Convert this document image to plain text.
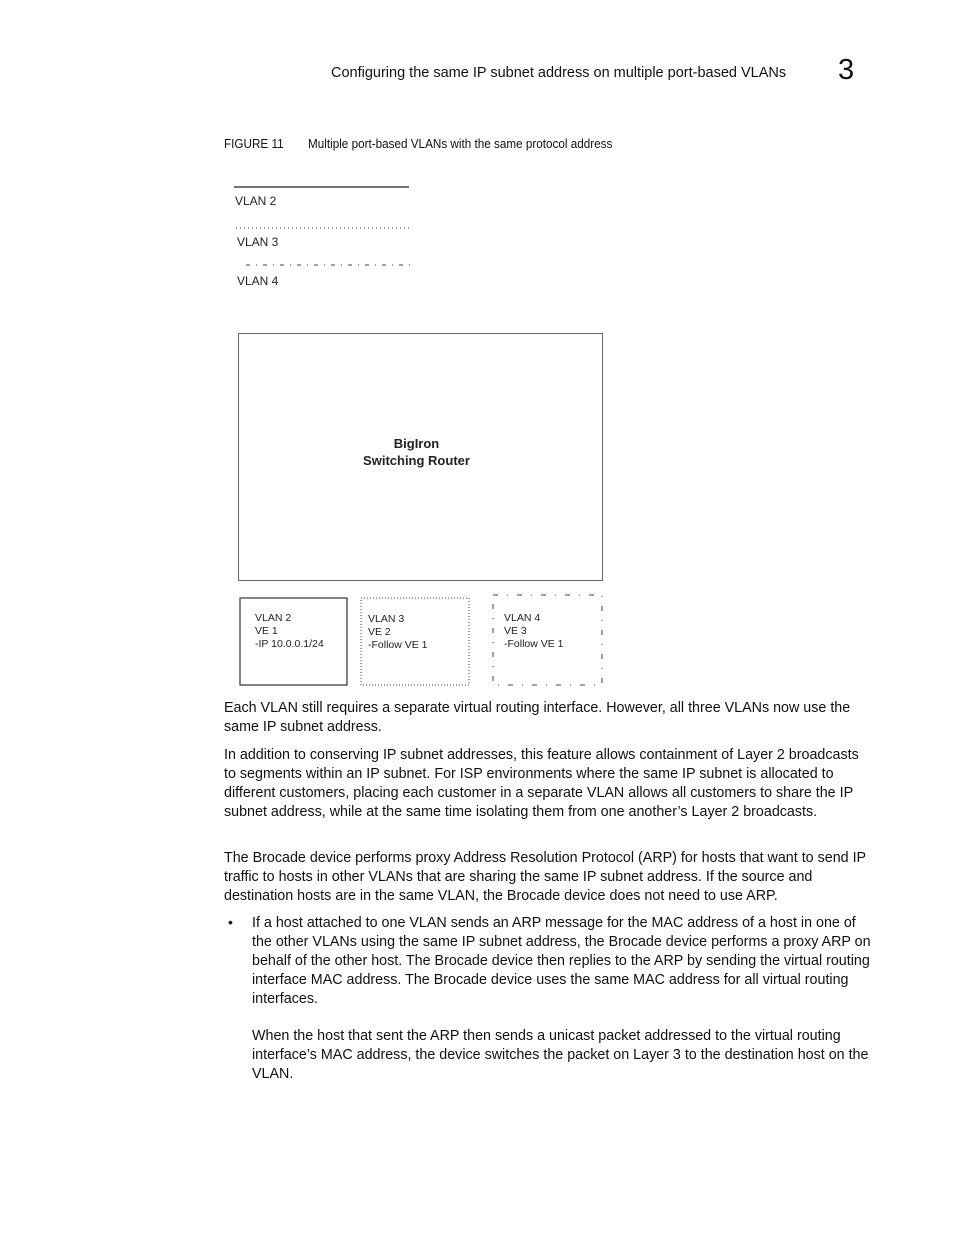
Configuring the same IP subnet address on multiple port-based VLANs 3
FIGURE 11 Multiple port-based VLANs with the same protocol address
VLAN 2
VLAN 3
VLAN 4
BigIron
Switching Router
VLAN 2
VE 1
-IP 10.0.0.1/24
VLAN 3
VE 2
-Follow VE 1
VLAN 4
VE 3
-Follow VE 1

Each VLAN still requires a separate virtual routing interface. However, all three VLANs now use the same IP subnet address.

In addition to conserving IP subnet addresses, this feature allows containment of Layer 2 broadcasts to segments within an IP subnet. For ISP environments where the same IP subnet is allocated to different customers, placing each customer in a separate VLAN allows all customers to share the IP subnet address, while at the same time isolating them from one another’s Layer 2 broadcasts.

The Brocade device performs proxy Address Resolution Protocol (ARP) for hosts that want to send IP traffic to hosts in other VLANs that are sharing the same IP subnet address. If the source and destination hosts are in the same VLAN, the Brocade device does not need to use ARP.

• If a host attached to one VLAN sends an ARP message for the MAC address of a host in one of the other VLANs using the same IP subnet address, the Brocade device performs a proxy ARP on behalf of the other host. The Brocade device then replies to the ARP by sending the virtual routing interface MAC address. The Brocade device uses the same MAC address for all virtual routing interfaces.

When the host that sent the ARP then sends a unicast packet addressed to the virtual routing interface’s MAC address, the device switches the packet on Layer 3 to the destination host on the VLAN.
